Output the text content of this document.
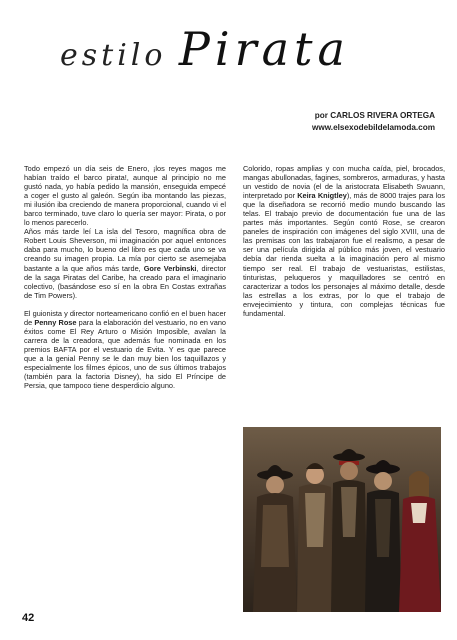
estilo Pirata
por CARLOS RIVERA ORTEGA
www.elsexodebildelamoda.com

Todo empezó un día seis de Enero, ¡los reyes magos me habían traído el barco pirata!, aunque al principio no me gustó nada, yo había pedido la mansión, enseguida empecé a coger el gusto al galeón. Según iba montando las piezas, mi ilusión iba creciendo de manera proporcional, cuando vi el barco terminado, tuve claro lo quería ser mayor: Pirata, o por lo menos parecerlo.
Años más tarde leí La isla del Tesoro, magnífica obra de Robert Louis Sheverson, mi imaginación por aquel entonces daba para mucho, lo bueno del libro es que cada uno se va creando su imagen propia. La mía por cierto se asemejaba bastante a la que años más tarde, Gore Verbinski, director de la saga Piratas del Caribe, ha creado para el imaginario colectivo, (basándose eso sí en la obra En Costas extrañas de Tim Powers).

El guionista y director norteamericano confió en el buen hacer de Penny Rose para la elaboración del vestuario, no en vano éxitos come El Rey Arturo o Misión Imposible, avalan la carrera de la creadora, que además fue nominada en los premios BAFTA por el vestuario de Evita. Y es que parece que a la genial Penny se le dan muy bien los taquillazos y especialmente los filmes épicos, uno de sus últimos trabajos (también para la factoria Disney), ha sido El Príncipe de Persia, que tampoco tiene desperdicio alguno.

Colorido, ropas amplias y con mucha caída, piel, brocados, mangas abullonadas, fagines, sombreros, armaduras, y hasta un vestido de novia (el de la aristocrata Elisabeth Swuann, interpretado por Keira Knigtley), más de 8000 trajes para los que la diseñadora se recorrió medio mundo buscando las telas. El trabajo previo de documentación fue una de las partes más importantes. Según contó Rose, se crearon paneles de inspiración con imágenes del siglo XVIII, una de las premisas con las trabajaron fue el realismo, a pesar de ser una película dirigida al público más joven, el vestuario debía dar rienda suelta a la imaginación pero al mismo tiempo ser real. El trabajo de vestuaristas, estilistas, tinturistas, peluqueros y maquilladores se centró en caracterizar a todos los personajes al máximo detalle, desde las estrellas a los extras, por lo que el trabajo de envejecimiento y tintura, con complejas técnicas fue fundamental.

42
